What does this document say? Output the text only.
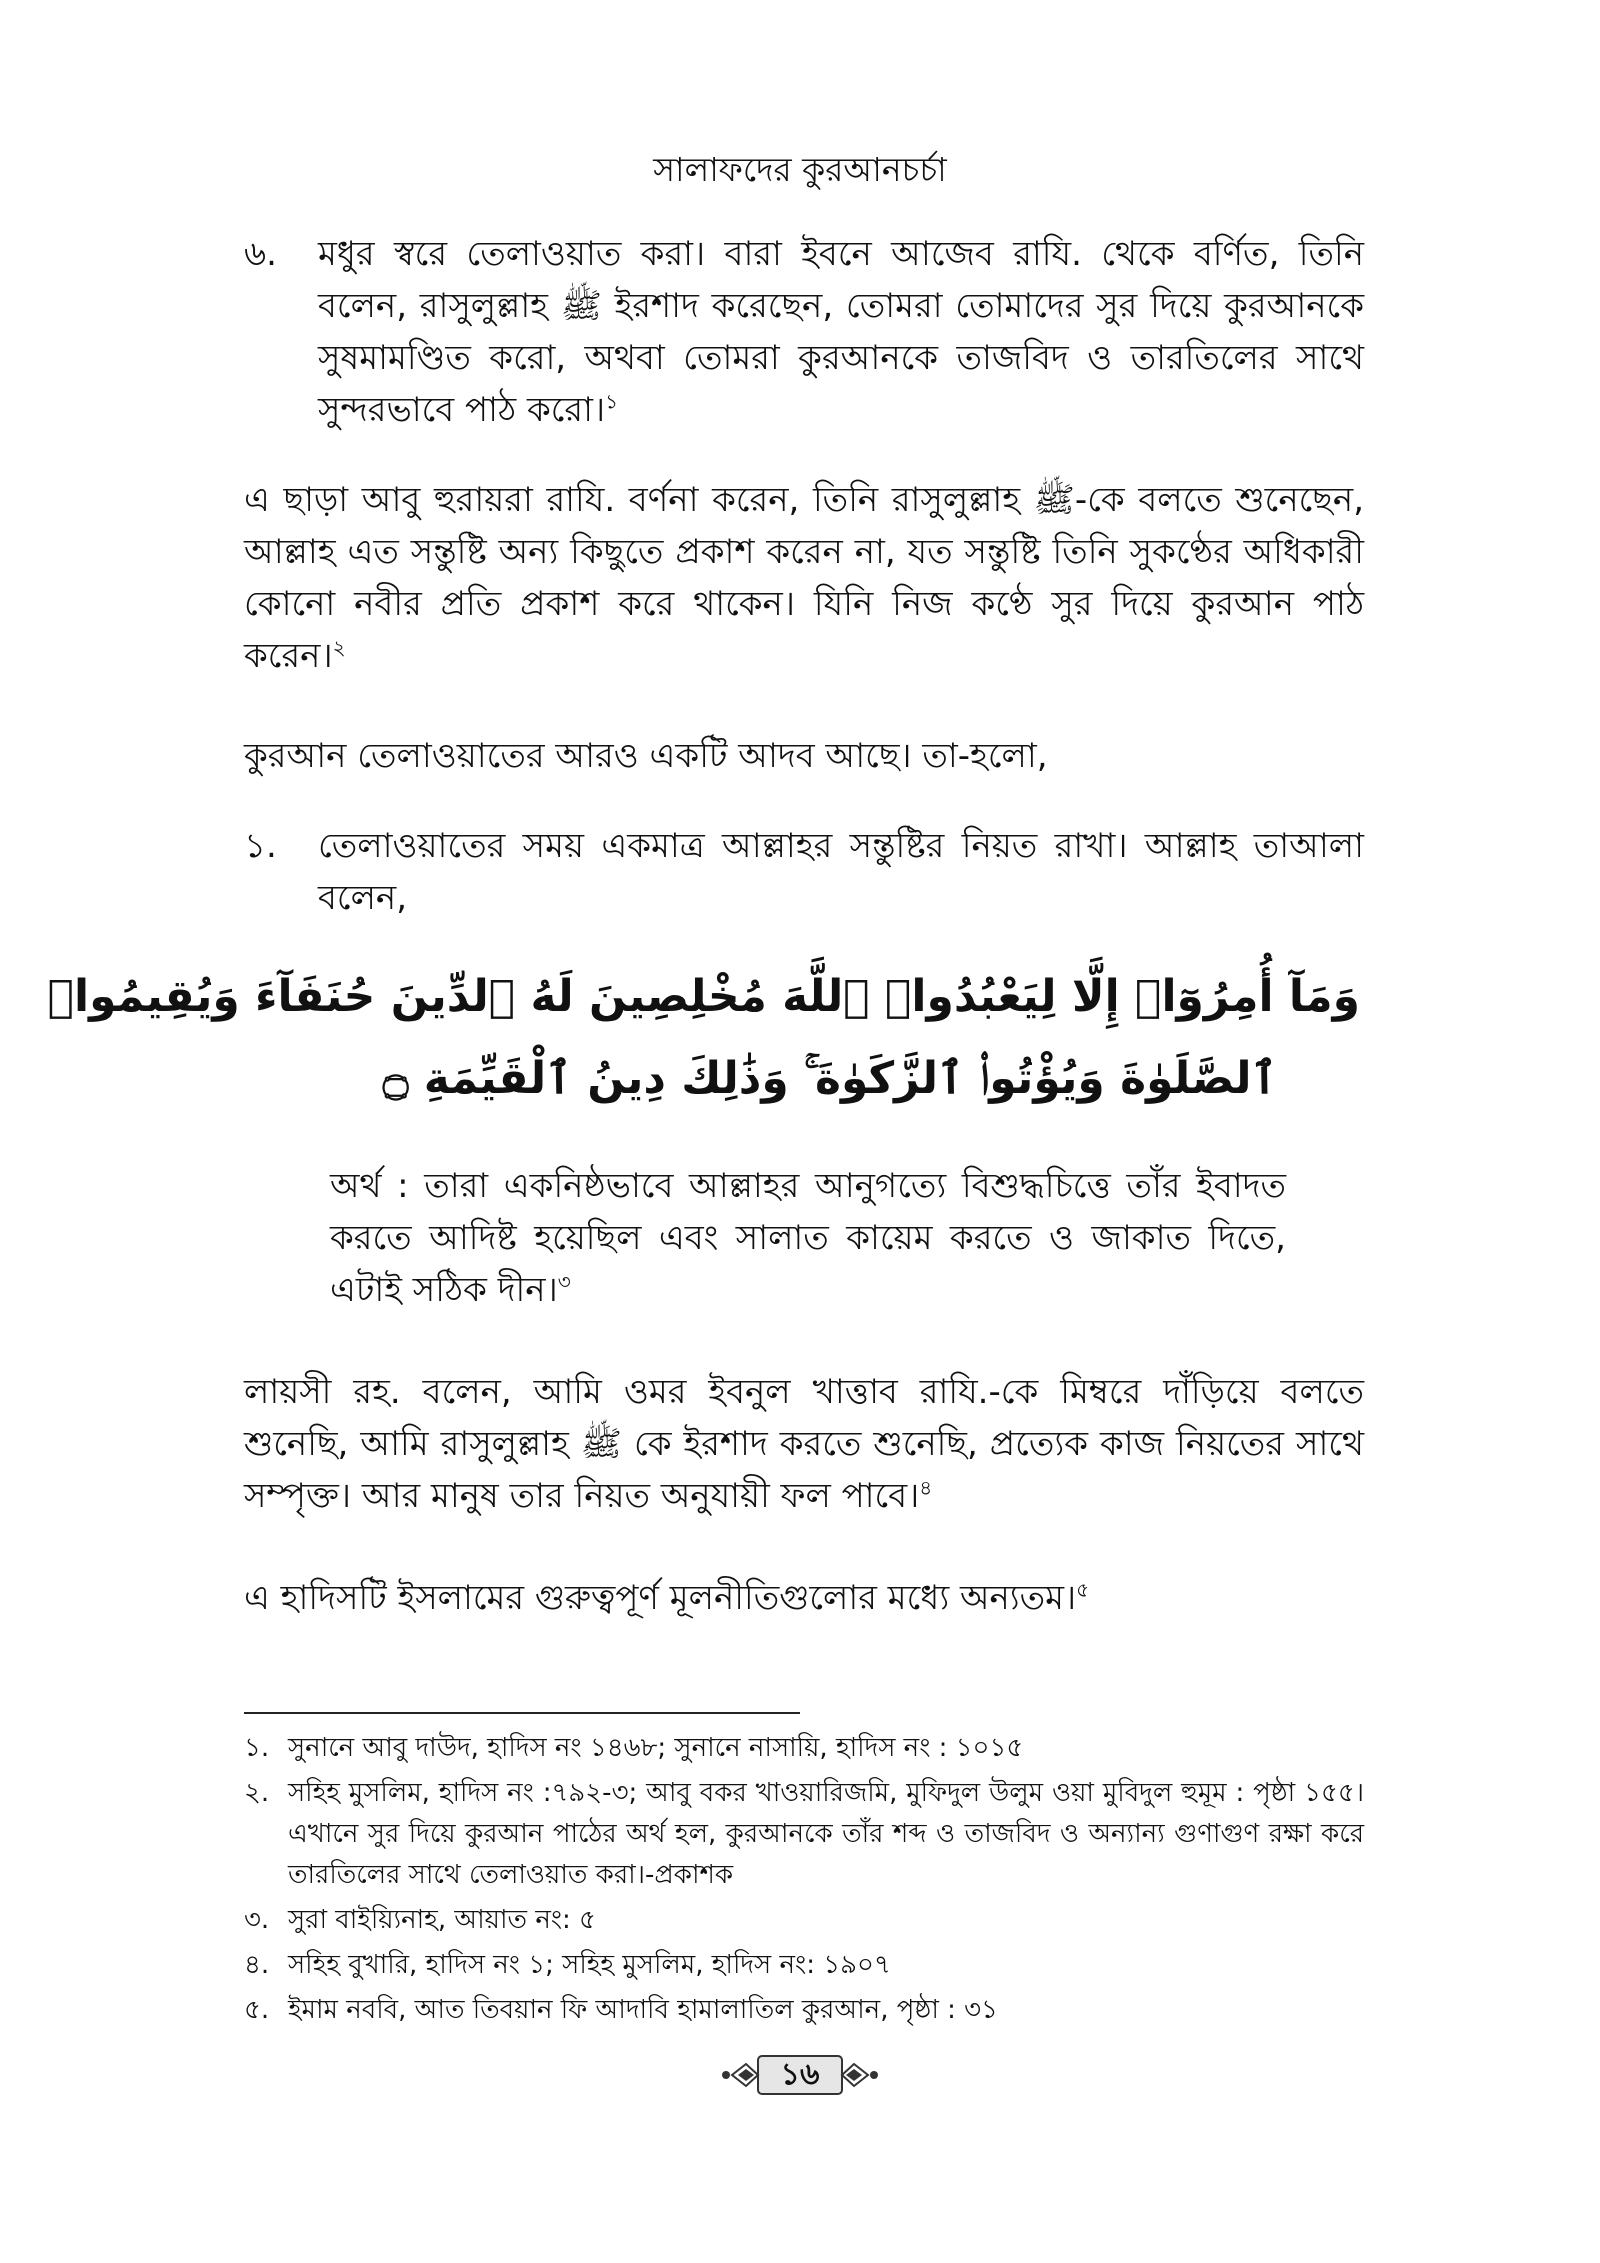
সালাফদের কুরআনচর্চা
৬. মধুর স্বরে তেলাওয়াত করা। বারা ইবনে আজেব রাযি. থেকে বর্ণিত, তিনি বলেন, রাসুলুল্লাহ ﷺ ইরশাদ করেছেন, তোমরা তোমাদের সুর দিয়ে কুরআনকে সুষমামণ্ডিত করো, অথবা তোমরা কুরআনকে তাজবিদ ও তারতিলের সাথে সুন্দরভাবে পাঠ করো।$^১$

এ ছাড়া আবু হুরায়রা রাযি. বর্ণনা করেন, তিনি রাসুলুল্লাহ ﷺ-কে বলতে শুনেছেন, আল্লাহ এত সন্তুষ্টি অন্য কিছুতে প্রকাশ করেন না, যত সন্তুষ্টি তিনি সুকণ্ঠের অধিকারী কোনো নবীর প্রতি প্রকাশ করে থাকেন। যিনি নিজ কণ্ঠে সুর দিয়ে কুরআন পাঠ করেন।$^২$

কুরআন তেলাওয়াতের আরও একটি আদব আছে। তা-হলো,

১. তেলাওয়াতের সময় একমাত্র আল্লাহর সন্তুষ্টির নিয়ত রাখা। আল্লাহ তাআলা বলেন,

وَمَآ أُمِرُوٓا۟ إِلَّا لِيَعْبُدُوا۟ ٱللَّهَ مُخْلِصِينَ لَهُ ٱلدِّينَ حُنَفَآءَ وَيُقِيمُوا۟
ٱلصَّلَوٰةَ وَيُؤْتُوا۟ ٱلزَّكَوٰةَ ۚ وَذَٰلِكَ دِينُ ٱلْقَيِّمَةِ ۝

অর্থ : তারা একনিষ্ঠভাবে আল্লাহর আনুগত্যে বিশুদ্ধচিত্তে তাঁর ইবাদত করতে আদিষ্ট হয়েছিল এবং সালাত কায়েম করতে ও জাকাত দিতে, এটাই সঠিক দীন।$^৩$

লায়সী রহ. বলেন, আমি ওমর ইবনুল খাত্তাব রাযি.-কে মিম্বরে দাঁড়িয়ে বলতে শুনেছি, আমি রাসুলুল্লাহ ﷺ কে ইরশাদ করতে শুনেছি, প্রত্যেক কাজ নিয়তের সাথে সম্পৃক্ত। আর মানুষ তার নিয়ত অনুযায়ী ফল পাবে।$^৪$

এ হাদিসটি ইসলামের গুরুত্বপূর্ণ মূলনীতিগুলোর মধ্যে অন্যতম।$^৫$

১. সুনানে আবু দাউদ, হাদিস নং ১৪৬৮; সুনানে নাসায়ি, হাদিস নং : ১০১৫
২. সহিহ মুসলিম, হাদিস নং :৭৯২-৩; আবু বকর খাওয়ারিজমি, মুফিদুল উলুম ওয়া মুবিদুল হুমূম : পৃষ্ঠা ১৫৫। এখানে সুর দিয়ে কুরআন পাঠের অর্থ হল, কুরআনকে তাঁর শব্দ ও তাজবিদ ও অন্যান্য গুণাগুণ রক্ষা করে তারতিলের সাথে তেলাওয়াত করা।-প্রকাশক
৩. সুরা বাইয়্যিনাহ, আয়াত নং: ৫
৪. সহিহ বুখারি, হাদিস নং ১; সহিহ মুসলিম, হাদিস নং: ১৯০৭
৫. ইমাম নববি, আত তিবয়ান ফি আদাবি হামালাতিল কুরআন, পৃষ্ঠা : ৩১
১৬
